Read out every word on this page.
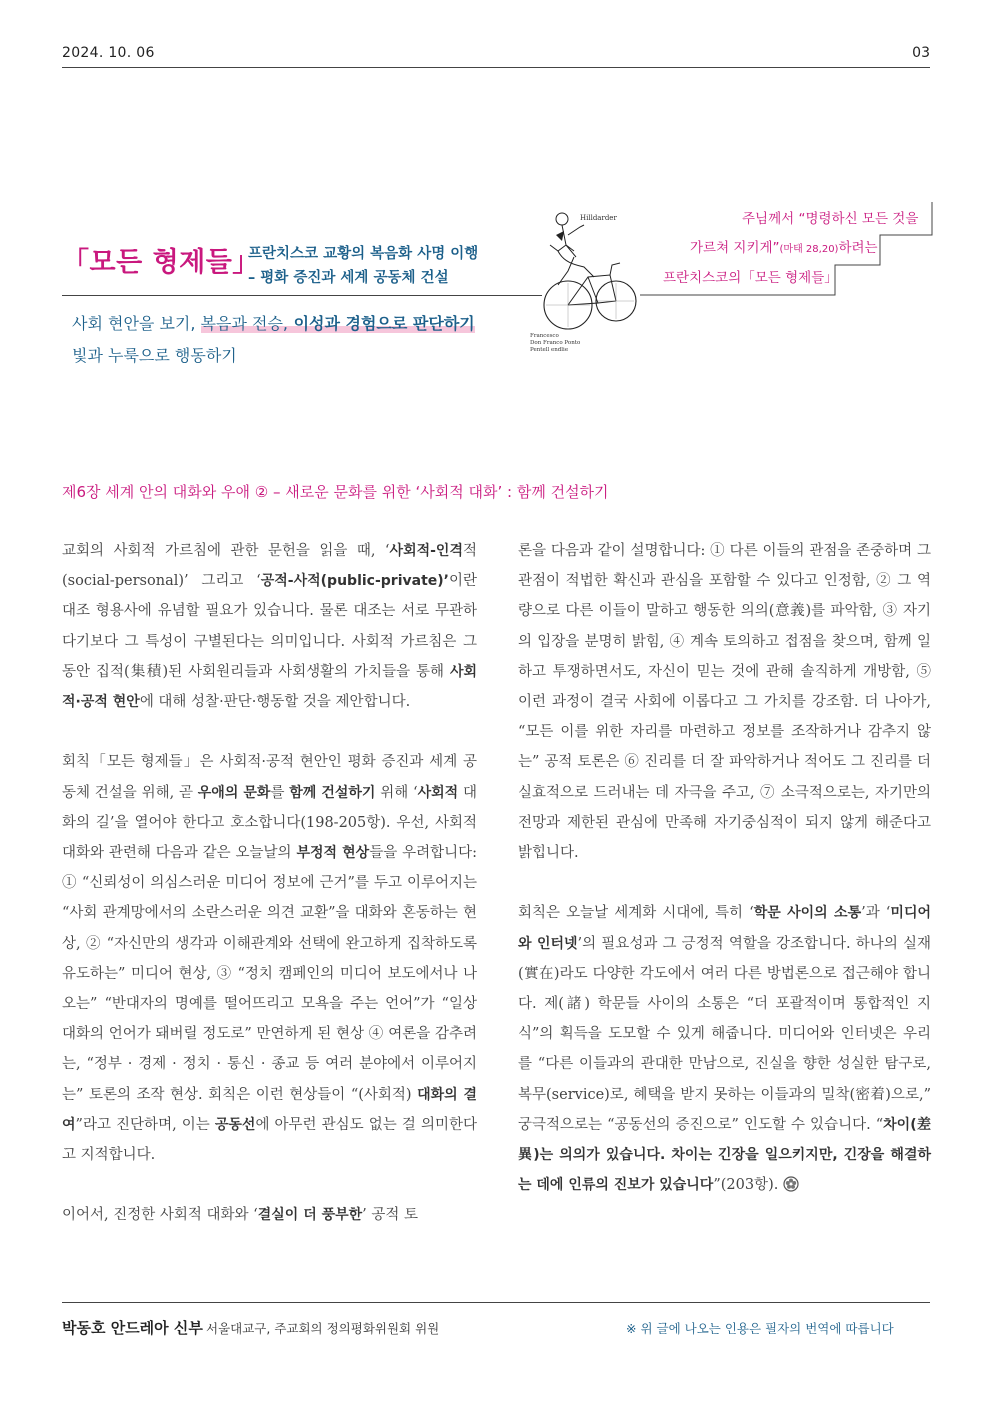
2024. 10. 06	03
「모든 형제들」
프란치스코 교황의 복음화 사명 이행
– 평화 증진과 세계 공동체 건설
사회 현안을 보기, 복음과 전승, 이성과 경험으로 판단하기
빛과 누룩으로 행동하기
Hilldarder
Francesco
Don Franco Ponto
Pentell endlie
주님께서 “명령하신 모든 것을
가르쳐 지키게”(마태 28,20)하려는
프란치스코의「모든 형제들」
제6장 세계 안의 대화와 우애 ② – 새로운 문화를 위한 ‘사회적 대화’ : 함께 건설하기

교회의 사회적 가르침에 관한 문헌을 읽을 때, ‘사회적-인격적(social-personal)’ 그리고 ‘공적-사적(public-private)’이란 대조 형용사에 유념할 필요가 있습니다. 물론 대조는 서로 무관하다기보다 그 특성이 구별된다는 의미입니다. 사회적 가르침은 그동안 집적(集積)된 사회원리들과 사회생활의 가치들을 통해 사회적·공적 현안에 대해 성찰·판단·행동할 것을 제안합니다.

회칙「모든 형제들」은 사회적·공적 현안인 평화 증진과 세계 공동체 건설을 위해, 곧 우애의 문화를 함께 건설하기 위해 ‘사회적 대화의 길’을 열어야 한다고 호소합니다(198-205항). 우선, 사회적 대화와 관련해 다음과 같은 오늘날의 부정적 현상들을 우려합니다: ① “신뢰성이 의심스러운 미디어 정보에 근거”를 두고 이루어지는 “사회 관계망에서의 소란스러운 의견 교환”을 대화와 혼동하는 현상, ② “자신만의 생각과 이해관계와 선택에 완고하게 집착하도록 유도하는” 미디어 현상, ③ “정치 캠페인의 미디어 보도에서나 나오는” “반대자의 명예를 떨어뜨리고 모욕을 주는 언어”가 “일상 대화의 언어가 돼버릴 정도로” 만연하게 된 현상 ④ 여론을 감추려는, “정부 · 경제 · 정치 · 통신 · 종교 등 여러 분야에서 이루어지는” 토론의 조작 현상. 회칙은 이런 현상들이 “(사회적) 대화의 결여”라고 진단하며, 이는 공동선에 아무런 관심도 없는 걸 의미한다고 지적합니다.

이어서, 진정한 사회적 대화와 ‘결실이 더 풍부한’ 공적 토

론을 다음과 같이 설명합니다: ① 다른 이들의 관점을 존중하며 그 관점이 적법한 확신과 관심을 포함할 수 있다고 인정함, ② 그 역량으로 다른 이들이 말하고 행동한 의의(意義)를 파악함, ③ 자기의 입장을 분명히 밝힘, ④ 계속 토의하고 접점을 찾으며, 함께 일하고 투쟁하면서도, 자신이 믿는 것에 관해 솔직하게 개방함, ⑤ 이런 과정이 결국 사회에 이롭다고 그 가치를 강조함. 더 나아가, “모든 이를 위한 자리를 마련하고 정보를 조작하거나 감추지 않는” 공적 토론은 ⑥ 진리를 더 잘 파악하거나 적어도 그 진리를 더 실효적으로 드러내는 데 자극을 주고, ⑦ 소극적으로는, 자기만의 전망과 제한된 관심에 만족해 자기중심적이 되지 않게 해준다고 밝힙니다.

회칙은 오늘날 세계화 시대에, 특히 ‘학문 사이의 소통’과 ‘미디어와 인터넷’의 필요성과 그 긍정적 역할을 강조합니다. 하나의 실재(實在)라도 다양한 각도에서 여러 다른 방법론으로 접근해야 합니다. 제(諸) 학문들 사이의 소통은 “더 포괄적이며 통합적인 지식”의 획득을 도모할 수 있게 해줍니다. 미디어와 인터넷은 우리를 “다른 이들과의 관대한 만남으로, 진실을 향한 성실한 탐구로, 복무(service)로, 혜택을 받지 못하는 이들과의 밀착(密着)으로,” 궁극적으로는 “공동선의 증진으로” 인도할 수 있습니다. “차이(差異)는 의의가 있습니다. 차이는 긴장을 일으키지만, 긴장을 해결하는 데에 인류의 진보가 있습니다”(203항).

박동호 안드레아 신부 서울대교구, 주교회의 정의평화위원회 위원	※ 위 글에 나오는 인용은 필자의 번역에 따릅니다
